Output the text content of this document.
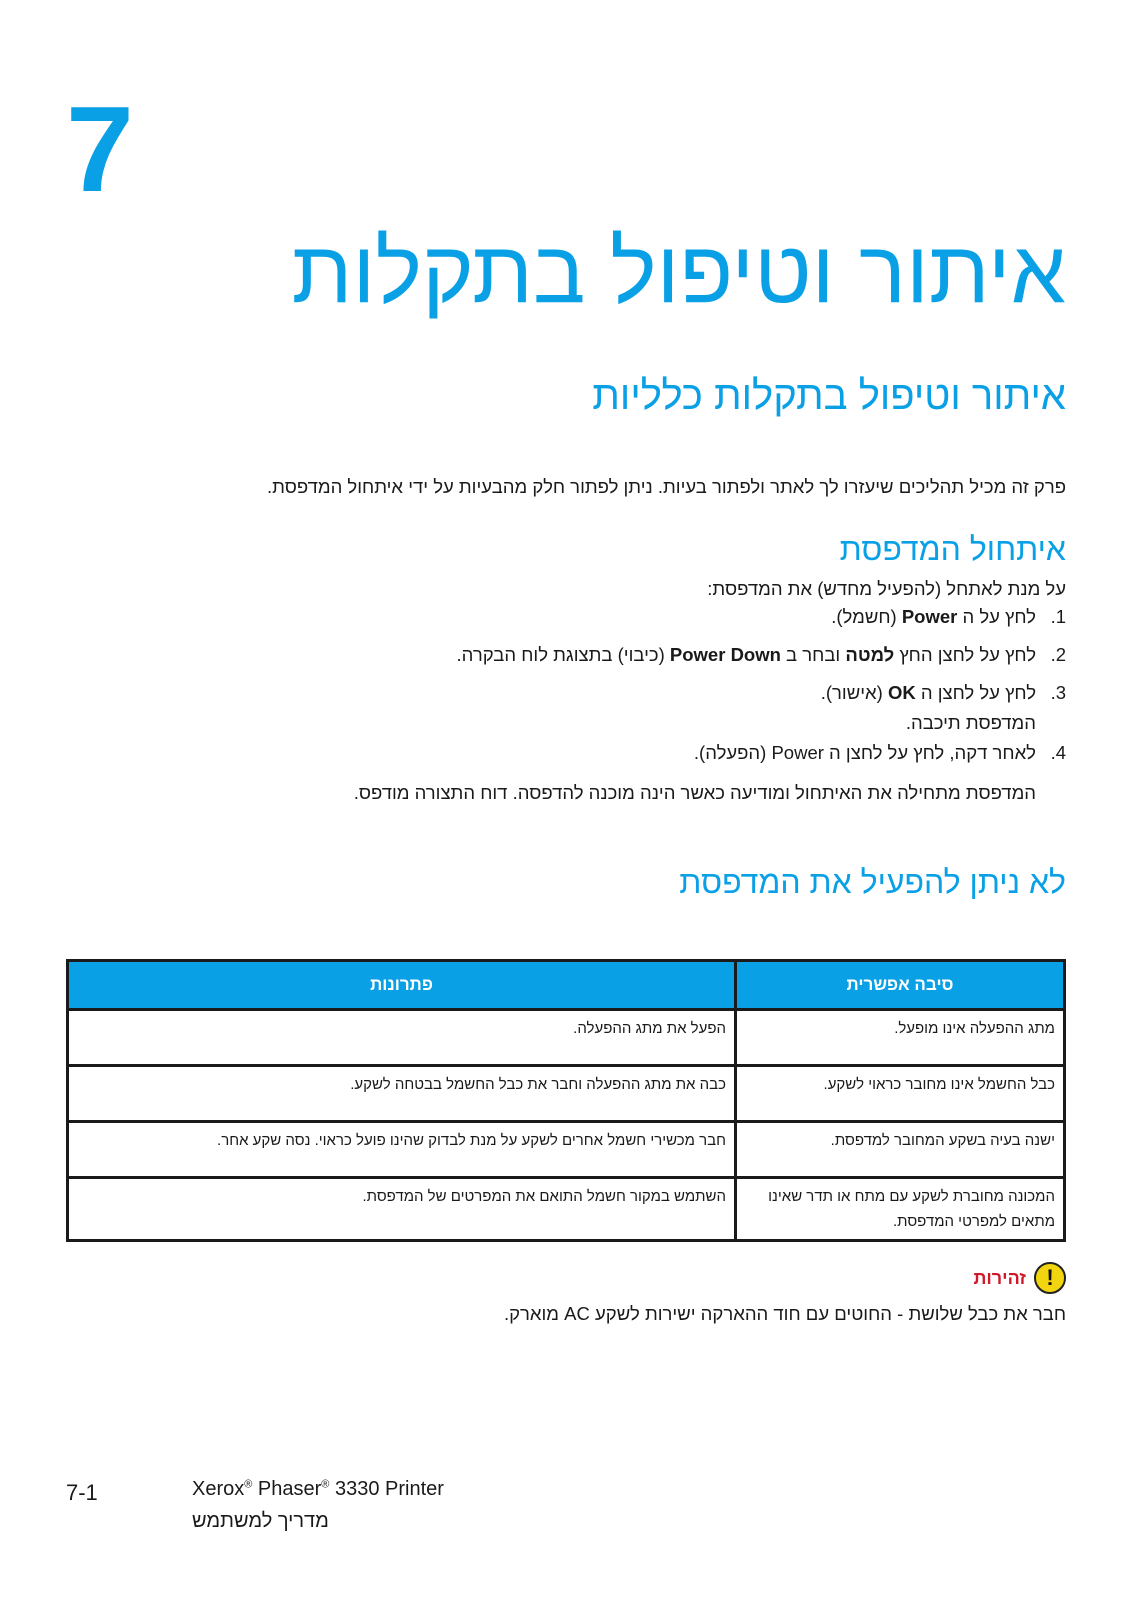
7
איתור וטיפול בתקלות
איתור וטיפול בתקלות כלליות
פרק זה מכיל תהליכים שיעזרו לך לאתר ולפתור בעיות. ניתן לפתור חלק מהבעיות על ידי איתחול המדפסת.
איתחול המדפסת
על מנת לאתחל (להפעיל מחדש) את המדפסת:
1.לחץ על ה Power (חשמל).
2.לחץ על לחצן החץ למטה ובחר ב Power Down (כיבוי) בתצוגת לוח הבקרה.
3.לחץ על לחצן ה OK (אישור).
המדפסת תיכבה.
4.לאחר דקה, לחץ על לחצן ה Power (הפעלה).
המדפסת מתחילה את האיתחול ומודיעה כאשר הינה מוכנה להדפסה. דוח התצורה מודפס.
לא ניתן להפעיל את המדפסת
סיבה אפשרית	פתרונות
מתג ההפעלה אינו מופעל.	הפעל את מתג ההפעלה.
כבל החשמל אינו מחובר כראוי לשקע.	כבה את מתג ההפעלה וחבר את כבל החשמל בבטחה לשקע.
ישנה בעיה בשקע המחובר למדפסת.	חבר מכשירי חשמל אחרים לשקע על מנת לבדוק שהינו פועל כראוי. נסה שקע אחר.
המכונה מחוברת לשקע עם מתח או תדר שאינו מתאים למפרטי המדפסת.	השתמש במקור חשמל התואם את המפרטים של המדפסת.
!
זהירות
חבר את כבל שלושת - החוטים עם חוד ההארקה ישירות לשקע AC מוארק.
7-1	Xerox® Phaser® 3330 Printer
מדריך למשתמש
